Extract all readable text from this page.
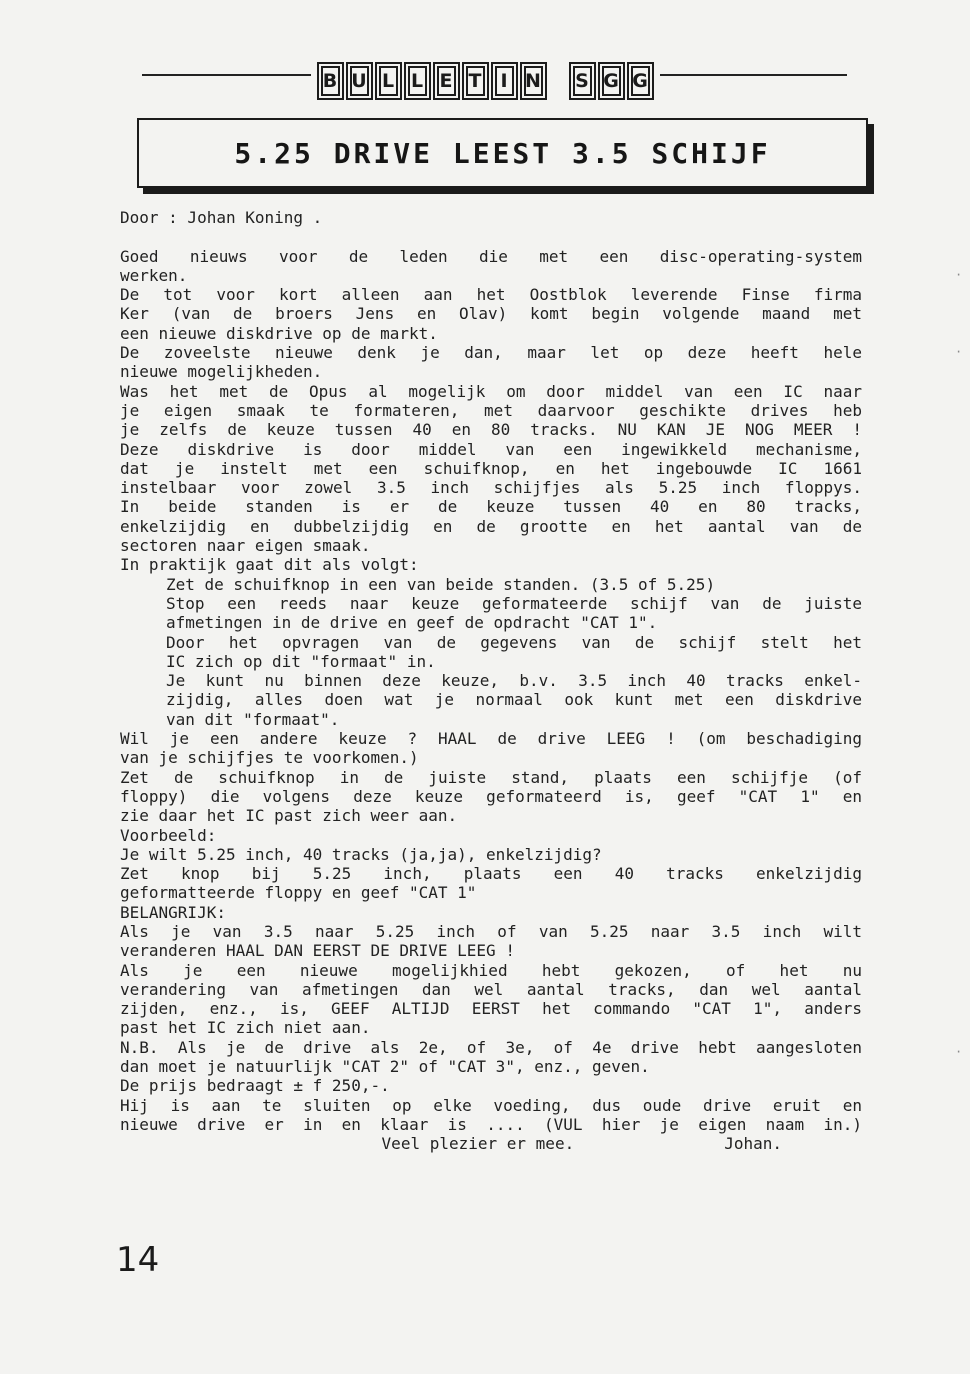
B U L L E T I N	S G G
5.25 DRIVE LEEST 3.5 SCHIJF
Door : Johan Koning .
Goed nieuws voor de leden die met een disc-operating-system
werken.
De tot voor kort alleen aan het Oostblok leverende Finse firma
Ker (van de broers Jens en Olav) komt begin volgende maand met
een nieuwe diskdrive op de markt.
De zoveelste nieuwe denk je dan, maar let op deze heeft hele
nieuwe mogelijkheden.
Was het met de Opus al mogelijk om door middel van een IC naar
je eigen smaak te formateren, met daarvoor geschikte drives heb
je zelfs de keuze tussen 40 en 80 tracks. NU KAN JE NOG MEER !
Deze diskdrive is door middel van een ingewikkeld mechanisme,
dat je instelt met een schuifknop, en het ingebouwde IC 1661
instelbaar voor zowel 3.5 inch schijfjes als 5.25 inch floppys.
In beide standen is er de keuze tussen 40 en 80 tracks,
enkelzijdig en dubbelzijdig en de grootte en het aantal van de
sectoren naar eigen smaak.
In praktijk gaat dit als volgt:
Zet de schuifknop in een van beide standen. (3.5 of 5.25)
Stop een reeds naar keuze geformateerde schijf van de juiste
afmetingen in de drive en geef de opdracht "CAT 1".
Door het opvragen van de gegevens van de schijf stelt het
IC zich op dit "formaat" in.
Je kunt nu binnen deze keuze, b.v. 3.5 inch 40 tracks enkel-
zijdig, alles doen wat je normaal ook kunt met een diskdrive
van dit "formaat".
Wil je een andere keuze ? HAAL de drive LEEG ! (om beschadiging
van je schijfjes te voorkomen.)
Zet de schuifknop in de juiste stand, plaats een schijfje (of
floppy) die volgens deze keuze geformateerd is, geef "CAT 1" en
zie daar het IC past zich weer aan.
Voorbeeld:
Je wilt 5.25 inch, 40 tracks (ja,ja), enkelzijdig?
Zet knop bij 5.25 inch, plaats een 40 tracks enkelzijdig
geformatteerde floppy en geef "CAT 1"
BELANGRIJK:
Als je van 3.5 naar 5.25 inch of van 5.25 naar 3.5 inch wilt
veranderen HAAL DAN EERST DE DRIVE LEEG !
Als je een nieuwe mogelijkhied hebt gekozen, of het nu
verandering van afmetingen dan wel aantal tracks, dan wel aantal
zijden, enz., is, GEEF ALTIJD EERST het commando "CAT 1", anders
past het IC zich niet aan.
N.B. Als je de drive als 2e, of 3e, of 4e drive hebt aangesloten
dan moet je natuurlijk "CAT 2" of "CAT 3", enz., geven.
De prijs bedraagt ± f 250,-.
Hij is aan te sluiten op elke voeding, dus oude drive eruit en
nieuwe drive er in en klaar is .... (VUL hier je eigen naam in.)
Veel plezier er mee.	Johan.
14
·
·
·
